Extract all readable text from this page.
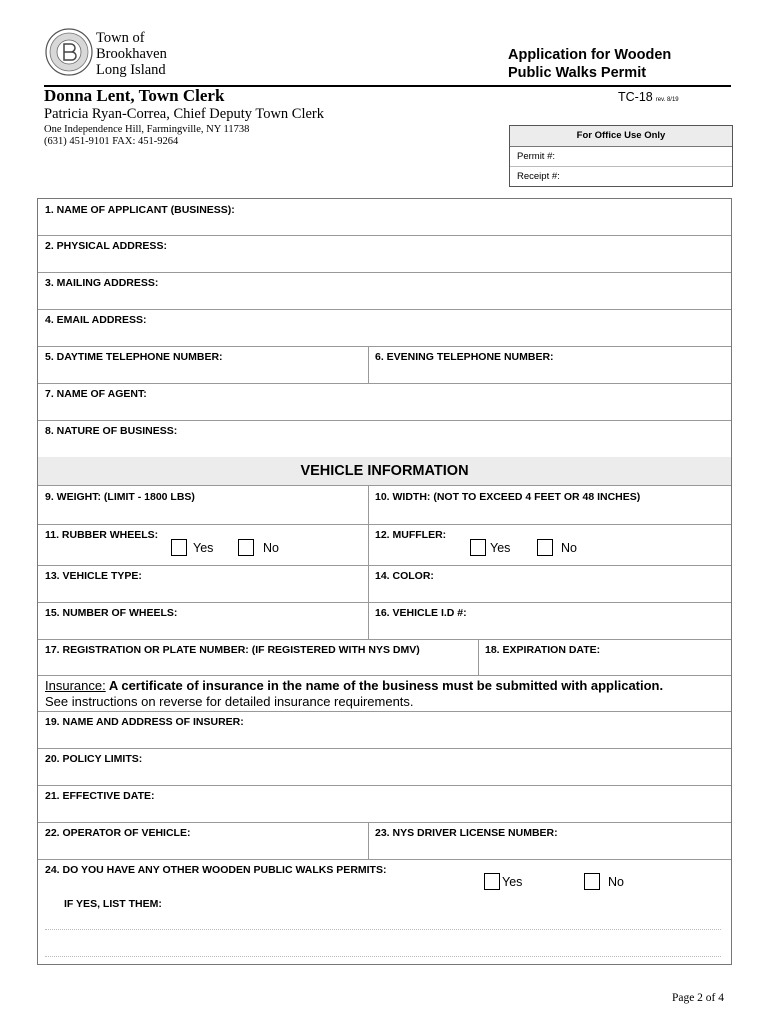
Town of
Brookhaven
Long Island
Application for Wooden
Public Walks Permit
Donna Lent, Town Clerk	TC-18 rev. 8/19
Patricia Ryan-Correa, Chief Deputy Town Clerk
One Independence Hill, Farmingville, NY 11738
(631) 451-9101 FAX: 451-9264
For Office Use Only
Permit #:
Receipt #:
1. NAME OF APPLICANT (BUSINESS):
2. PHYSICAL ADDRESS:
3. MAILING ADDRESS:
4. EMAIL ADDRESS:
5. DAYTIME TELEPHONE NUMBER:	6. EVENING TELEPHONE NUMBER:
7. NAME OF AGENT:
8. NATURE OF BUSINESS:
VEHICLE INFORMATION
9. WEIGHT: (LIMIT - 1800 LBS)	10. WIDTH: (NOT TO EXCEED 4 FEET OR 48 INCHES)
11. RUBBER WHEELS:
Yes	No
12. MUFFLER:
Yes	No
13. VEHICLE TYPE:	14. COLOR:
15. NUMBER OF WHEELS:	16. VEHICLE I.D #:
17. REGISTRATION OR PLATE NUMBER: (IF REGISTERED WITH NYS DMV)	18. EXPIRATION DATE:
Insurance: A certificate of insurance in the name of the business must be submitted with application.
See instructions on reverse for detailed insurance requirements.
19. NAME AND ADDRESS OF INSURER:
20. POLICY LIMITS:
21. EFFECTIVE DATE:
22. OPERATOR OF VEHICLE:	23. NYS DRIVER LICENSE NUMBER:
24. DO YOU HAVE ANY OTHER WOODEN PUBLIC WALKS PERMITS:
Yes	No
IF YES, LIST THEM:
Page 2 of 4
